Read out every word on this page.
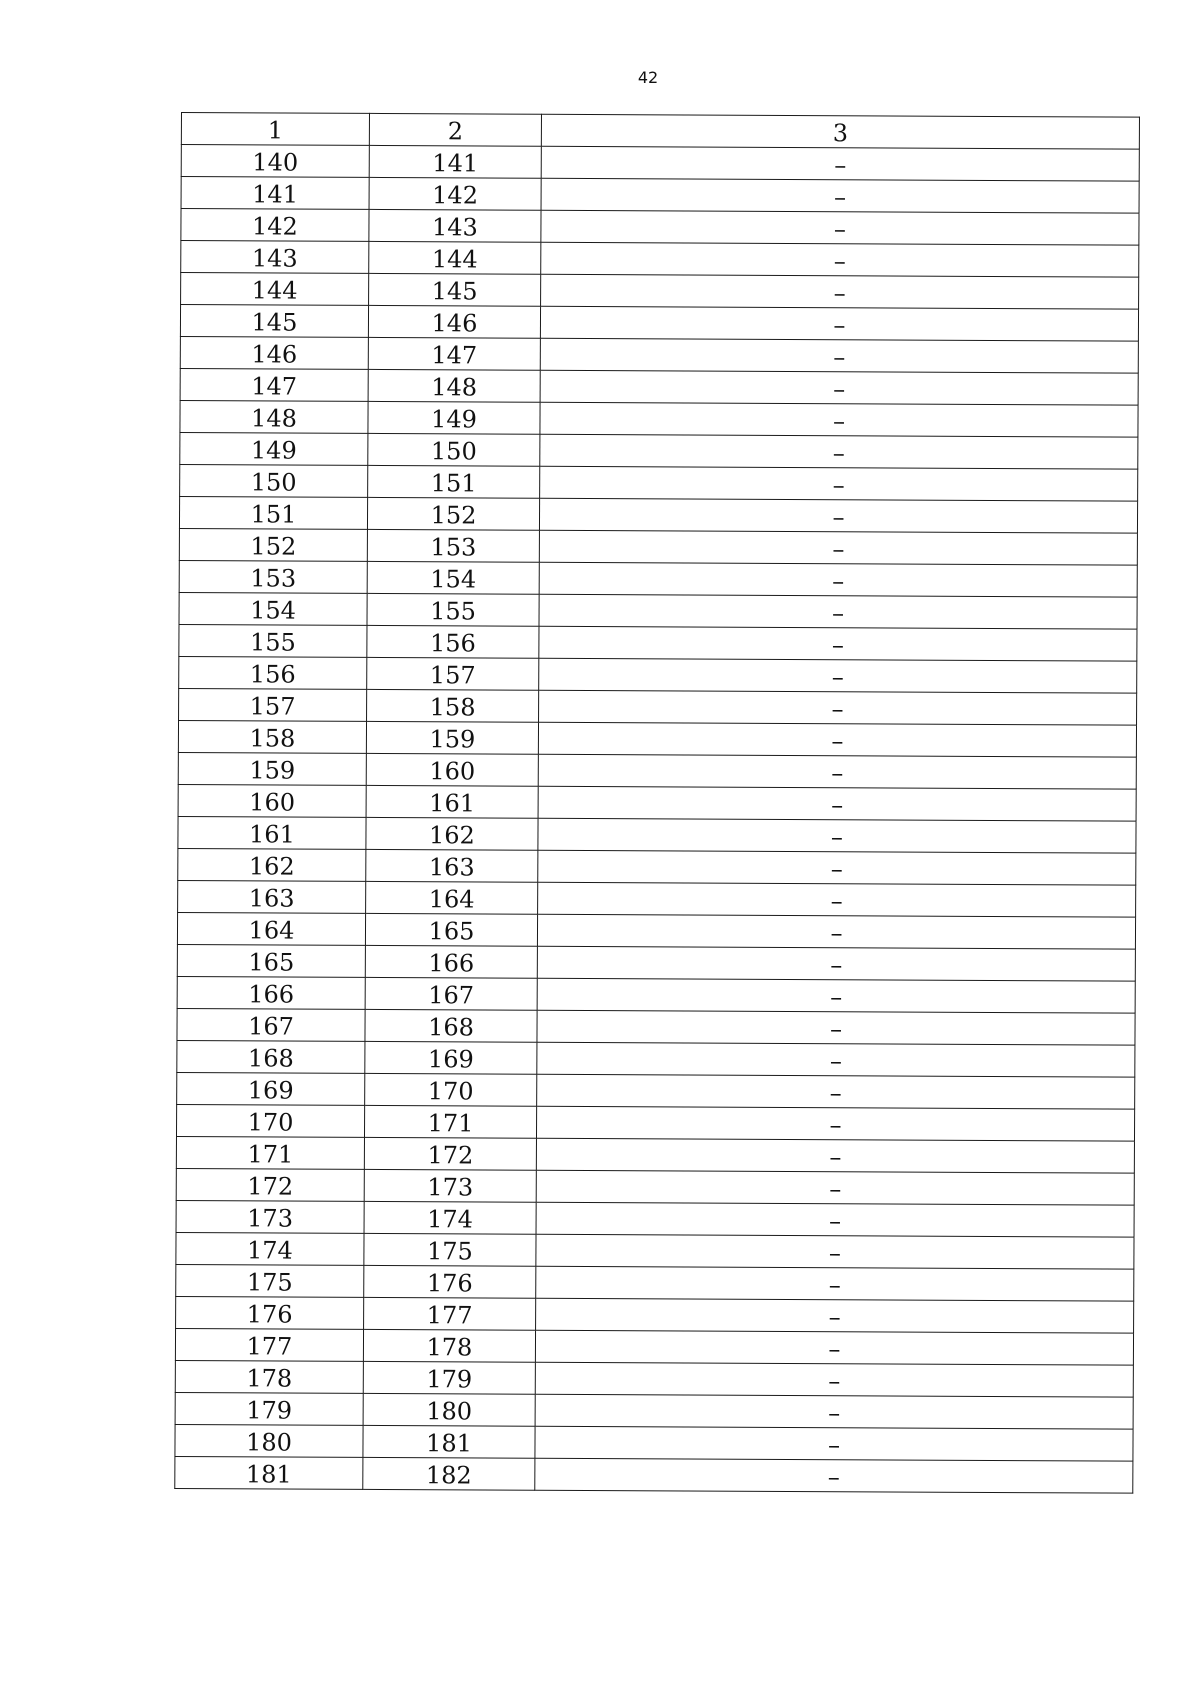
42
1	2	3
140	141	–
141	142	–
142	143	–
143	144	–
144	145	–
145	146	–
146	147	–
147	148	–
148	149	–
149	150	–
150	151	–
151	152	–
152	153	–
153	154	–
154	155	–
155	156	–
156	157	–
157	158	–
158	159	–
159	160	–
160	161	–
161	162	–
162	163	–
163	164	–
164	165	–
165	166	–
166	167	–
167	168	–
168	169	–
169	170	–
170	171	–
171	172	–
172	173	–
173	174	–
174	175	–
175	176	–
176	177	–
177	178	–
178	179	–
179	180	–
180	181	–
181	182	–
